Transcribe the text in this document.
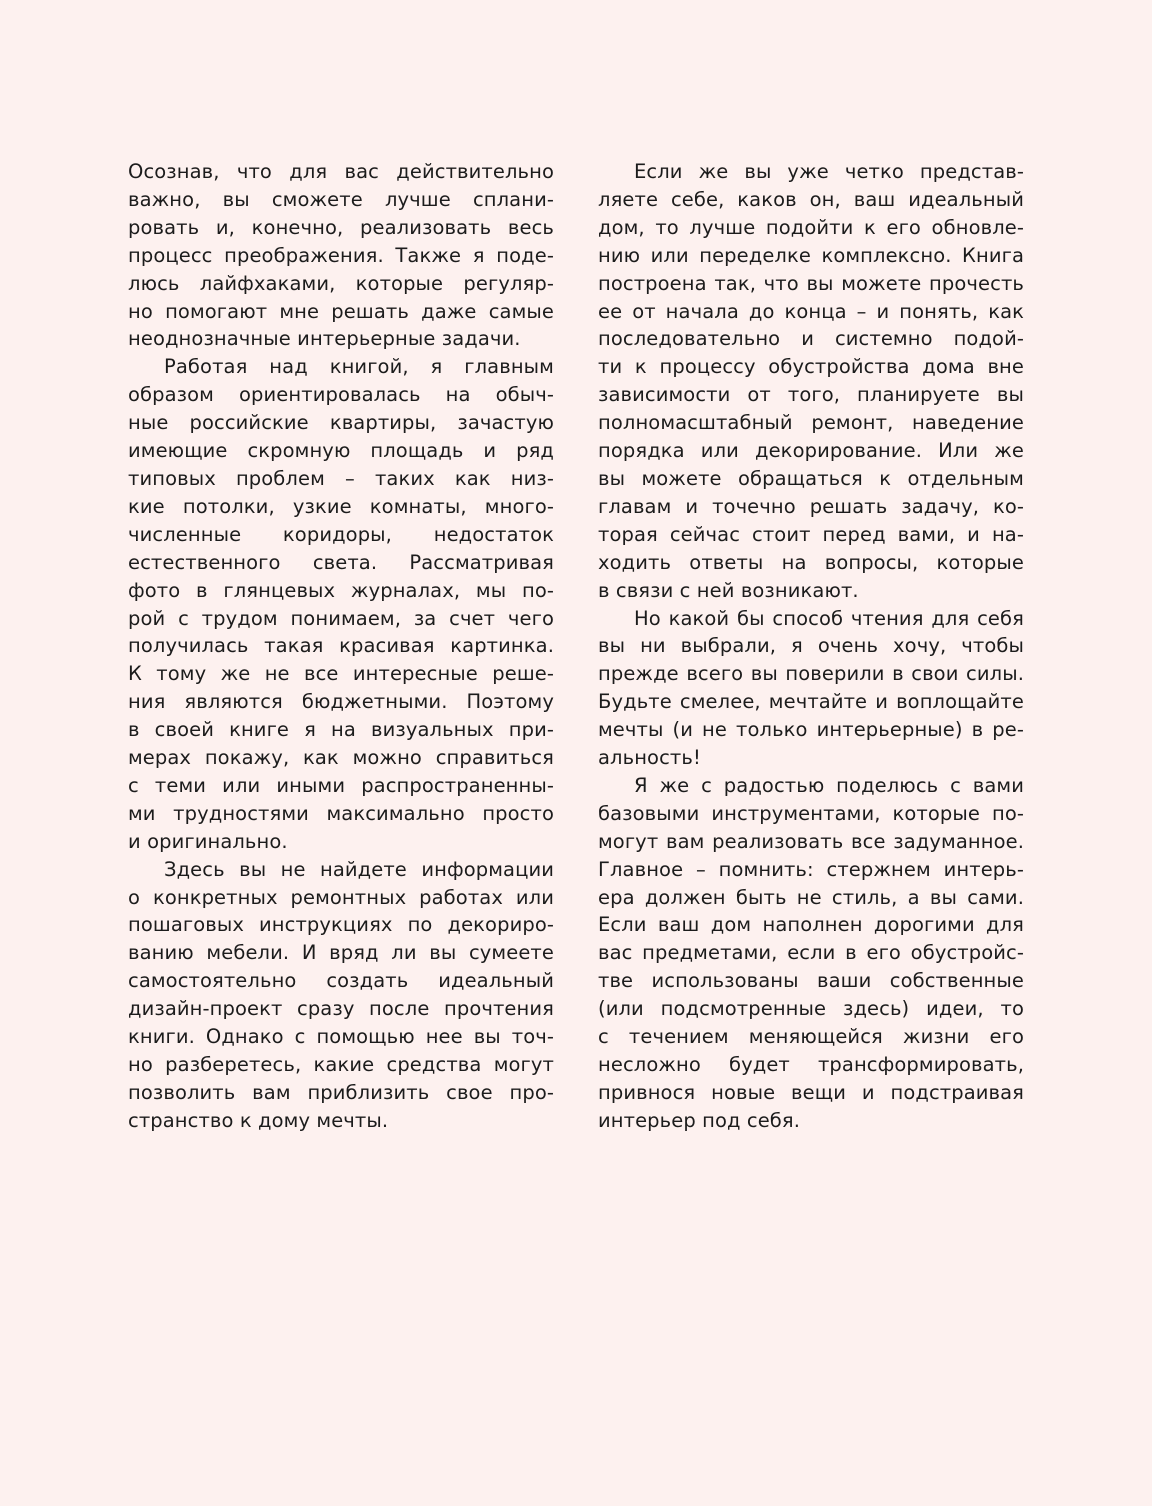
Осознав, что для вас действительно
важно, вы сможете лучше сплани-
ровать и, конечно, реализовать весь
процесс преображения. Также я поде-
люсь лайфхаками, которые регуляр-
но помогают мне решать даже самые
неоднозначные интерьерные задачи.
Работая над книгой, я главным
образом ориентировалась на обыч-
ные российские квартиры, зачастую
имеющие скромную площадь и ряд
типовых проблем – таких как низ-
кие потолки, узкие комнаты, много-
численные коридоры, недостаток
естественного света. Рассматривая
фото в глянцевых журналах, мы по-
рой с трудом понимаем, за счет чего
получилась такая красивая картинка.
К тому же не все интересные реше-
ния являются бюджетными. Поэтому
в своей книге я на визуальных при-
мерах покажу, как можно справиться
с теми или иными распространенны-
ми трудностями максимально просто
и оригинально.
Здесь вы не найдете информации
о конкретных ремонтных работах или
пошаговых инструкциях по декориро-
ванию мебели. И вряд ли вы сумеете
самостоятельно создать идеальный
дизайн-проект сразу после прочтения
книги. Однако с помощью нее вы точ-
но разберетесь, какие средства могут
позволить вам приблизить свое про-
странство к дому мечты.
Если же вы уже четко представ-
ляете себе, каков он, ваш идеальный
дом, то лучше подойти к его обновле-
нию или переделке комплексно. Книга
построена так, что вы можете прочесть
ее от начала до конца – и понять, как
последовательно и системно подой-
ти к процессу обустройства дома вне
зависимости от того, планируете вы
полномасштабный ремонт, наведение
порядка или декорирование. Или же
вы можете обращаться к отдельным
главам и точечно решать задачу, ко-
торая сейчас стоит перед вами, и на-
ходить ответы на вопросы, которые
в связи с ней возникают.
Но какой бы способ чтения для себя
вы ни выбрали, я очень хочу, чтобы
прежде всего вы поверили в свои силы.
Будьте смелее, мечтайте и воплощайте
мечты (и не только интерьерные) в ре-
альность!
Я же с радостью поделюсь с вами
базовыми инструментами, которые по-
могут вам реализовать все задуманное.
Главное – помнить: стержнем интерь-
ера должен быть не стиль, а вы сами.
Если ваш дом наполнен дорогими для
вас предметами, если в его обустройс-
тве использованы ваши собственные
(или подсмотренные здесь) идеи, то
с течением меняющейся жизни его
несложно будет трансформировать,
привнося новые вещи и подстраивая
интерьер под себя.
